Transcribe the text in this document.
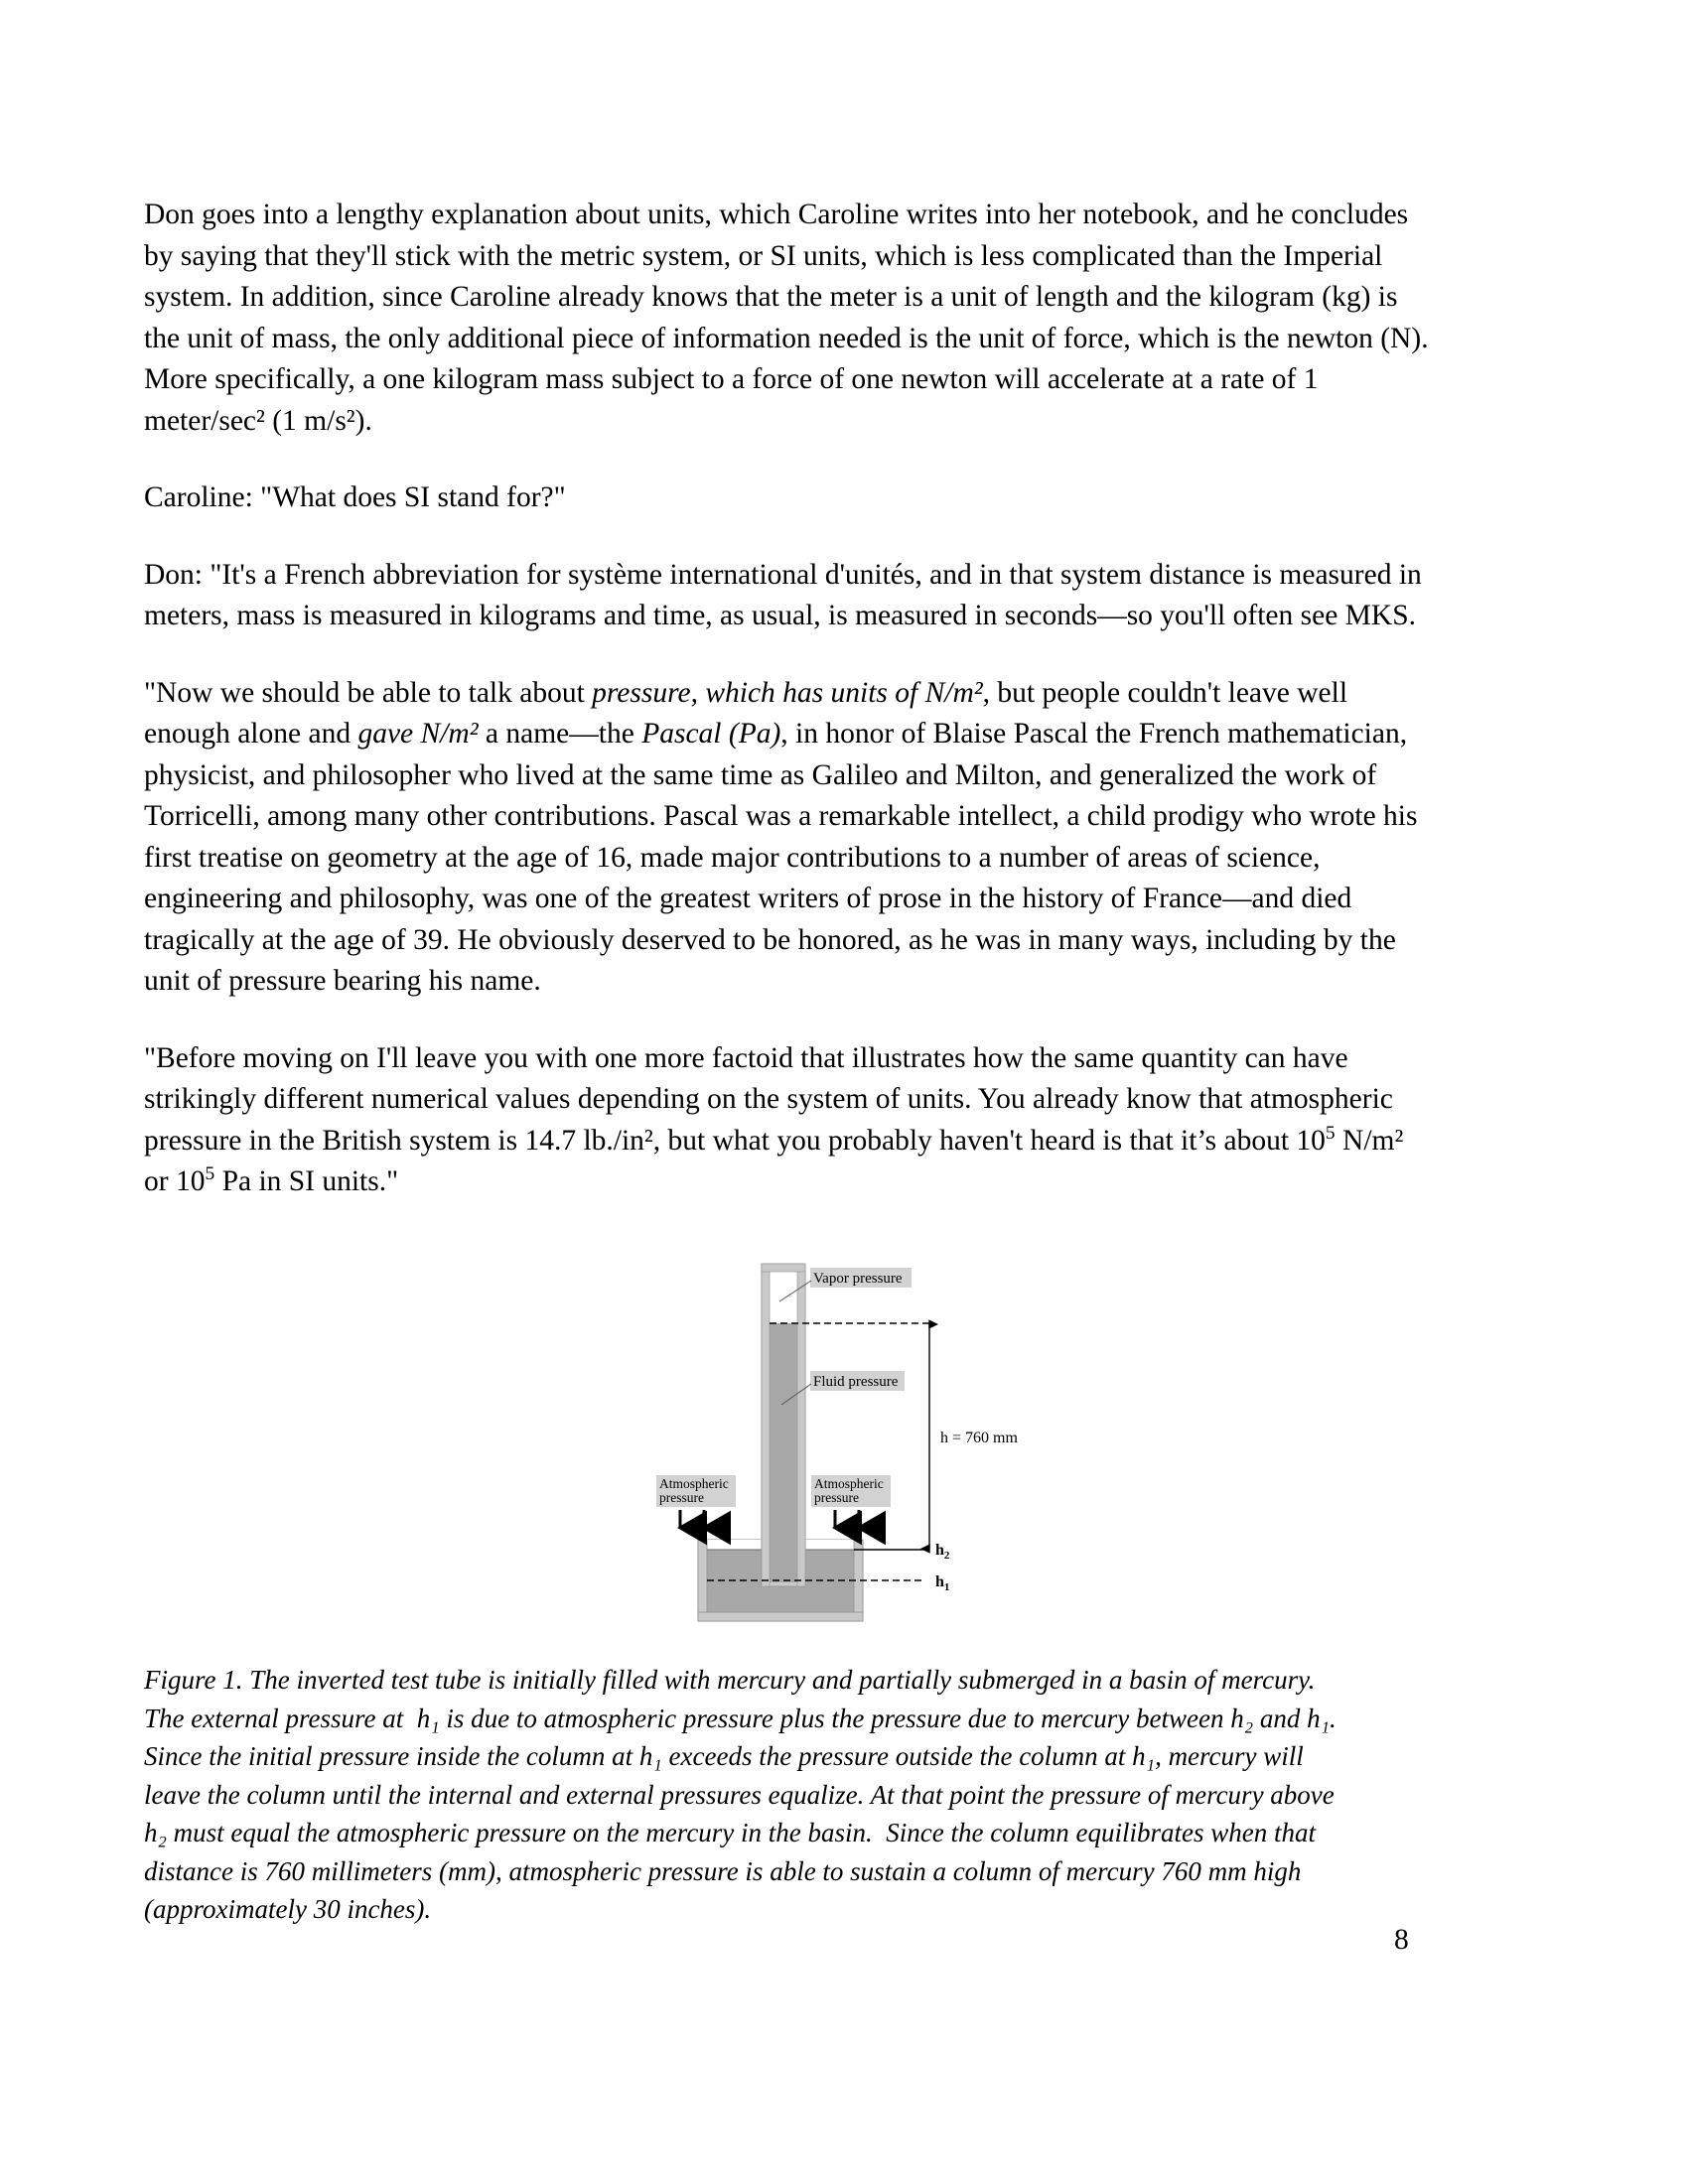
Don goes into a lengthy explanation about units, which Caroline writes into her notebook, and he concludes by saying that they'll stick with the metric system, or SI units, which is less complicated than the Imperial system. In addition, since Caroline already knows that the meter is a unit of length and the kilogram (kg) is the unit of mass, the only additional piece of information needed is the unit of force, which is the newton (N). More specifically, a one kilogram mass subject to a force of one newton will accelerate at a rate of 1 meter/sec² (1 m/s²).

Caroline: "What does SI stand for?"

Don: "It's a French abbreviation for système international d'unités, and in that system distance is measured in meters, mass is measured in kilograms and time, as usual, is measured in seconds—so you'll often see MKS.

"Now we should be able to talk about pressure, which has units of N/m², but people couldn't leave well enough alone and gave N/m² a name—the Pascal (Pa), in honor of Blaise Pascal the French mathematician, physicist, and philosopher who lived at the same time as Galileo and Milton, and generalized the work of Torricelli, among many other contributions. Pascal was a remarkable intellect, a child prodigy who wrote his first treatise on geometry at the age of 16, made major contributions to a number of areas of science, engineering and philosophy, was one of the greatest writers of prose in the history of France—and died tragically at the age of 39. He obviously deserved to be honored, as he was in many ways, including by the unit of pressure bearing his name.

"Before moving on I'll leave you with one more factoid that illustrates how the same quantity can have strikingly different numerical values depending on the system of units. You already know that atmospheric pressure in the British system is 14.7 lb./in², but what you probably haven't heard is that it’s about $10^5$ N/m² or $10^5$ Pa in SI units."

Vapor pressure
Fluid pressure
Atmospheric
pressure
Atmospheric
pressure
h = 760 mm
$h_2$
$h_1$
Figure 1. The inverted test tube is initially filled with mercury and partially submerged in a basin of mercury.
The external pressure at  h₁ is due to atmospheric pressure plus the pressure due to mercury between h₂ and h₁.
Since the initial pressure inside the column at h₁ exceeds the pressure outside the column at h₁, mercury will
leave the column until the internal and external pressures equalize. At that point the pressure of mercury above
h₂ must equal the atmospheric pressure on the mercury in the basin.  Since the column equilibrates when that
distance is 760 millimeters (mm), atmospheric pressure is able to sustain a column of mercury 760 mm high
(approximately 30 inches).
8
